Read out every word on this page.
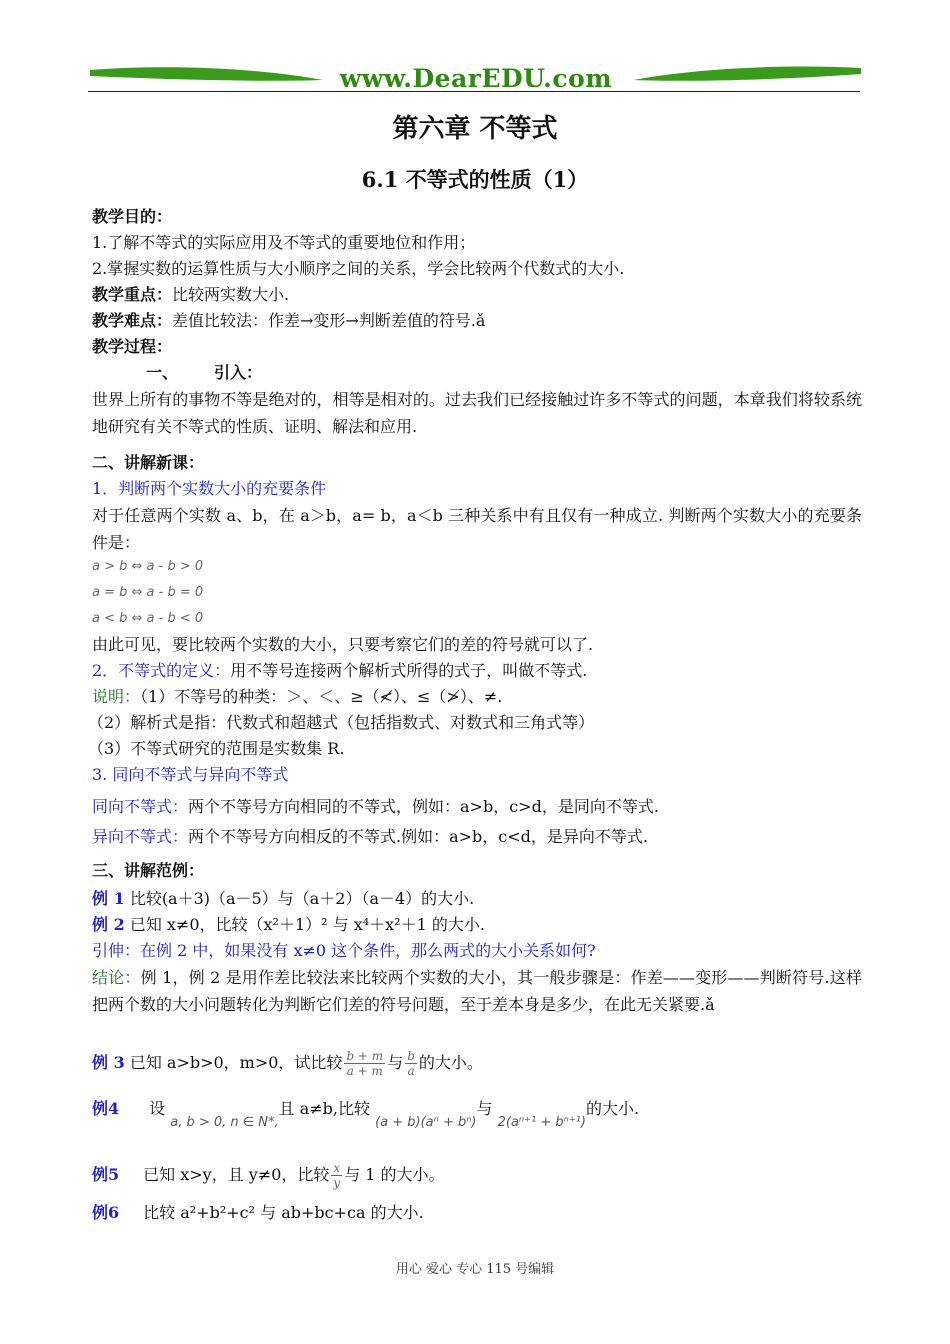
www.DearEDU.com
第六章 不等式
6.1 不等式的性质（1）
教学目的：
1.了解不等式的实际应用及不等式的重要地位和作用；
2.掌握实数的运算性质与大小顺序之间的关系，学会比较两个代数式的大小.
教学重点：比较两实数大小.
教学难点：差值比较法：作差→变形→判断差值的符号.ǎ
教学过程：
一、 引入：
世界上所有的事物不等是绝对的，相等是相对的。过去我们已经接触过许多不等式的问题，本章我们将较系统地研究有关不等式的性质、证明、解法和应用.
二、讲解新课：
1．判断两个实数大小的充要条件
对于任意两个实数 a、b，在 a＞b，a= b，a＜b 三种关系中有且仅有一种成立. 判断两个实数大小的充要条件是：
a > b ⇔ a - b > 0
a = b ⇔ a - b = 0
a < b ⇔ a - b < 0
由此可见，要比较两个实数的大小，只要考察它们的差的符号就可以了.
2．不等式的定义：用不等号连接两个解析式所得的式子，叫做不等式.
说明：（1）不等号的种类：＞、＜、≥（≮）、≤（≯）、≠.
（2）解析式是指：代数式和超越式（包括指数式、对数式和三角式等）
（3）不等式研究的范围是实数集 R.
3. 同向不等式与异向不等式
同向不等式：两个不等号方向相同的不等式，例如：a>b，c>d，是同向不等式.
异向不等式：两个不等号方向相反的不等式.例如：a>b，c<d，是异向不等式.
三、讲解范例：
例 1 比较(a＋3)（a－5）与（a＋2）（a－4）的大小.
例 2 已知 x≠0，比较（x²＋1）² 与 x⁴＋x²＋1 的大小.
引伸：在例 2 中，如果没有 x≠0 这个条件，那么两式的大小关系如何?
结论：例 1，例 2 是用作差比较法来比较两个实数的大小，其一般步骤是：作差——变形——判断符号.这样把两个数的大小问题转化为判断它们差的符号问题，至于差本身是多少，在此无关紧要.ǎ
例 3 已知 a>b>0，m>0，试比较 $\frac{b + m}{a + m}$ 与 $\frac{b}{a}$ 的大小。
例4 设 $_{a, b > 0, n \in N*,}$且 a≠b,比较 $_{(a + b)(a^n + b^n)}$与 $_{2(a^{n+1} + b^{n+1})}$的大小.
例5 已知 x>y，且 y≠0，比较 $\frac{x}{y}$ 与 1 的大小。
例6 比较 a²+b²+c² 与 ab+bc+ca 的大小.
用心 爱心 专心 115 号编辑
